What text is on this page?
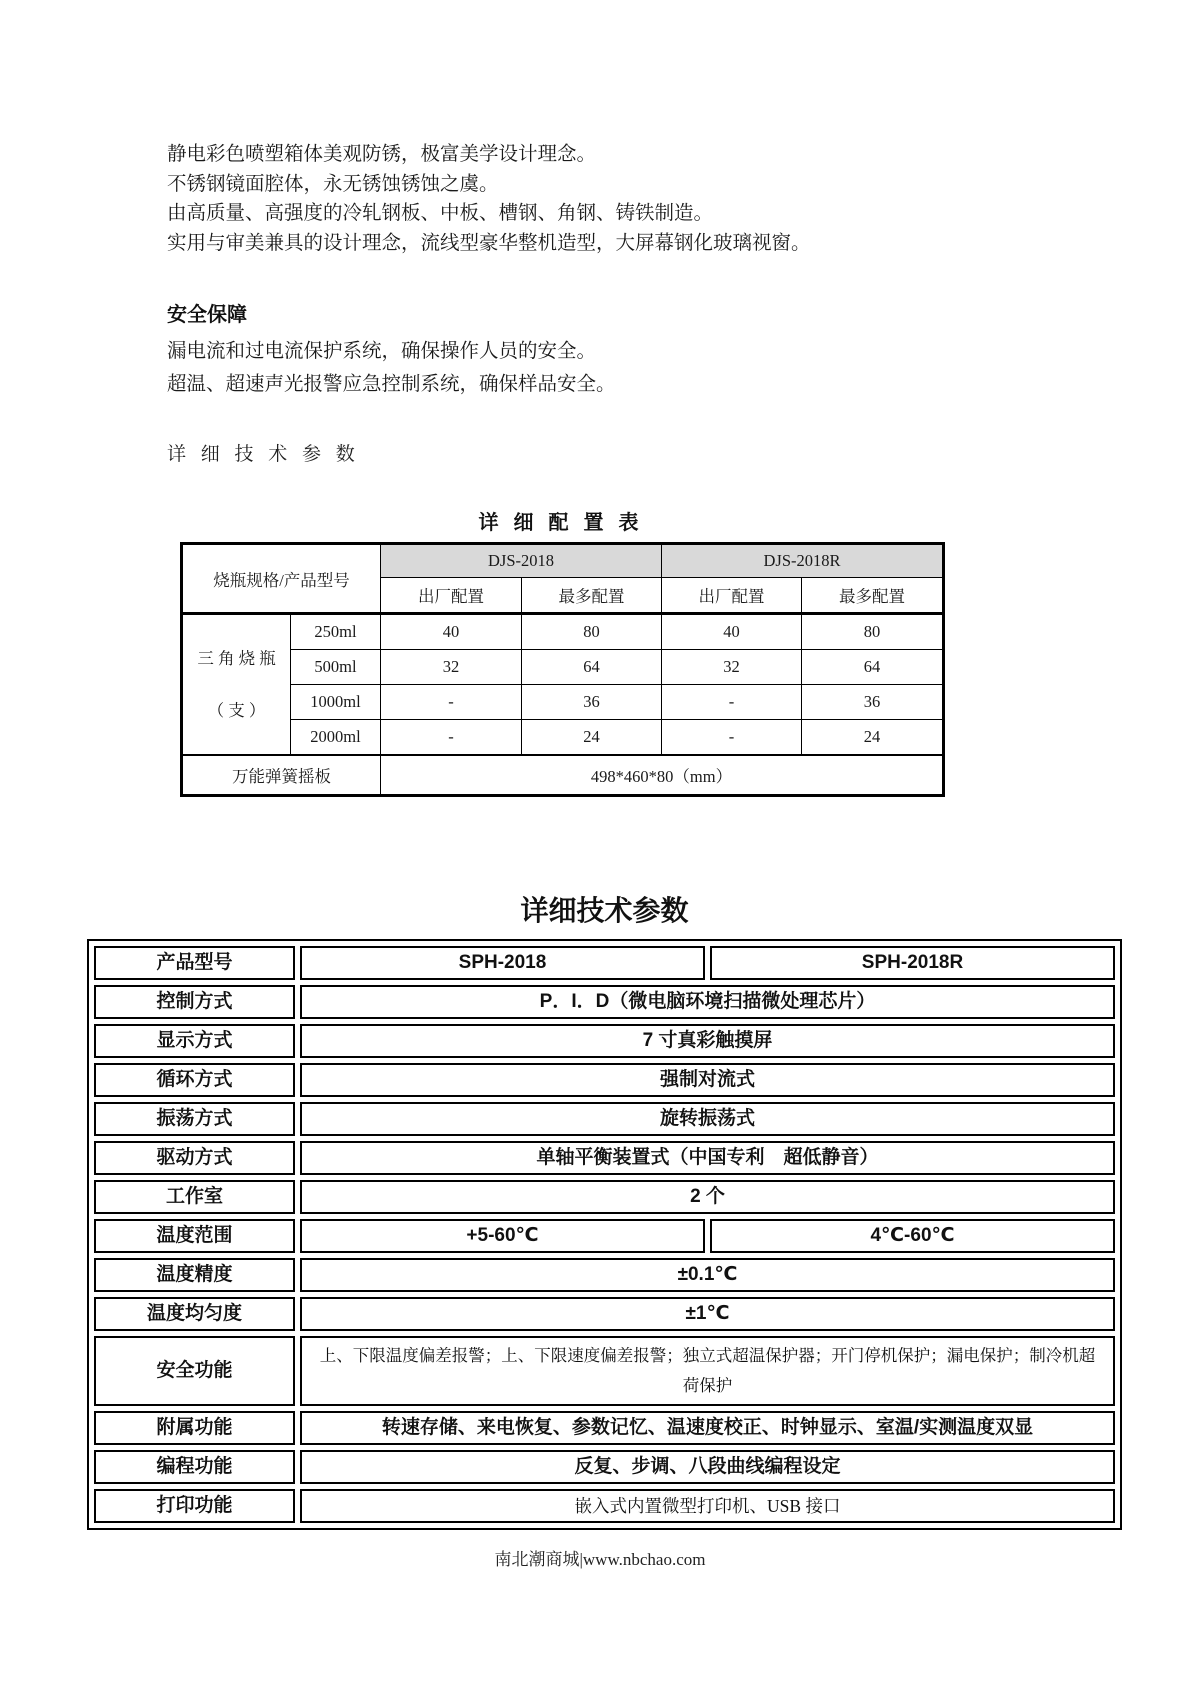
静电彩色喷塑箱体美观防锈，极富美学设计理念。
不锈钢镜面腔体，永无锈蚀锈蚀之虞。
由高质量、高强度的冷轧钢板、中板、槽钢、角钢、铸铁制造。
实用与审美兼具的设计理念，流线型豪华整机造型，大屏幕钢化玻璃视窗。
安全保障
漏电流和过电流保护系统，确保操作人员的安全。
超温、超速声光报警应急控制系统，确保样品安全。
详 细 技 术 参 数
详 细 配 置 表
烧瓶规格/产品型号		DJS-2018		DJS-2018R	
		出厂配置	最多配置	出厂配置	最多配置

三 角 烧 瓶
（ 支 ）	250ml	40	80	40	80
	500ml	32	64	32	64
	1000ml	-	36	-	36
	2000ml	-	24	-	24
万能弹簧摇板		498*460*80（mm）			
详细技术参数
产品型号	SPH-2018	SPH-2018R
控制方式	P．I．D（微电脑环境扫描微处理芯片）	
显示方式	7 寸真彩触摸屏	
循环方式	强制对流式	
振荡方式	旋转振荡式	
驱动方式	单轴平衡装置式（中国专利　超低静音）	
工作室	2 个	
温度范围	+5-60℃	4℃-60℃
温度精度	±0.1℃	
温度均匀度	±1℃	
安全功能	上、下限温度偏差报警；上、下限速度偏差报警；独立式超温保护器；开门停机保护；漏电保护；制冷机超荷保护	
附属功能	转速存储、来电恢复、参数记忆、温速度校正、时钟显示、室温/实测温度双显	
编程功能	反复、步调、八段曲线编程设定	
打印功能	嵌入式内置微型打印机、USB 接口	
南北潮商城|www.nbchao.com
